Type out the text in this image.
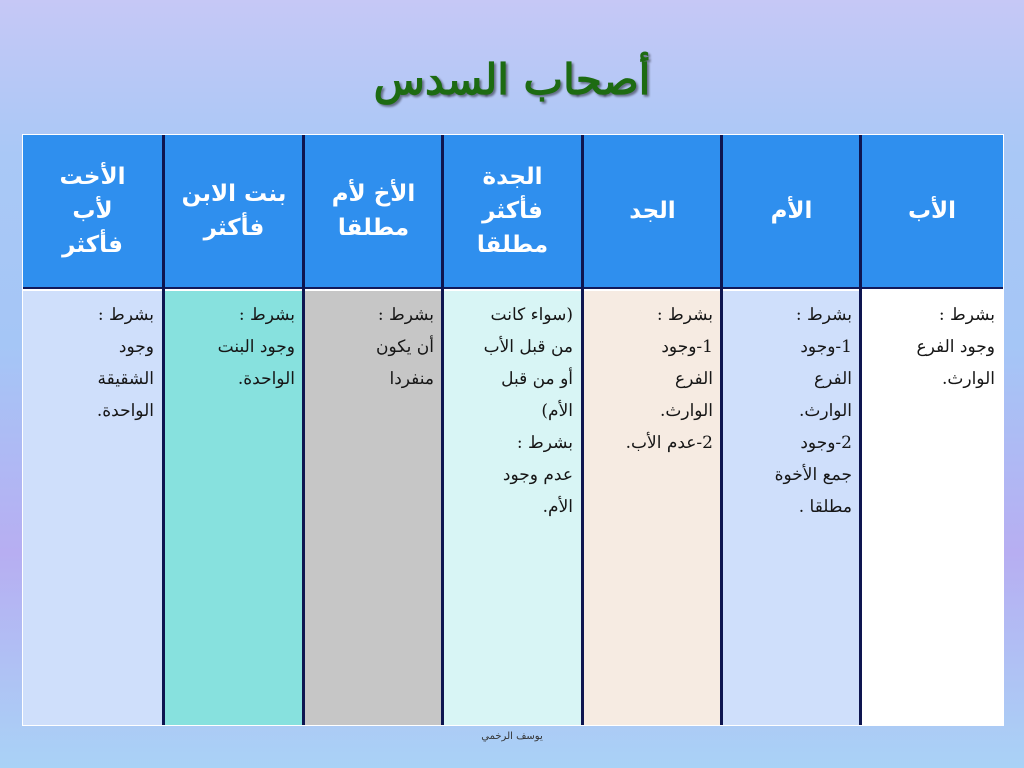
أصحاب السدس
الأب
بشرط :
وجود الفرع
الوارث.
الأم
بشرط :
1-وجود
الفرع
الوارث.
2-وجود
جمع الأخوة
مطلقا .
الجد
بشرط :
1-وجود
الفرع
الوارث.
2-عدم الأب.
الجدة
فأكثر
مطلقا
(سواء كانت
من قبل الأب
أو من قبل
الأم)
بشرط :
عدم وجود
الأم.
الأخ لأم
مطلقا
بشرط :
أن يكون
منفردا
بنت الابن
فأكثر
بشرط :
وجود البنت
الواحدة.
الأخت
لأب
فأكثر
بشرط :
وجود
الشقيقة
الواحدة.
يوسف الرخمي
